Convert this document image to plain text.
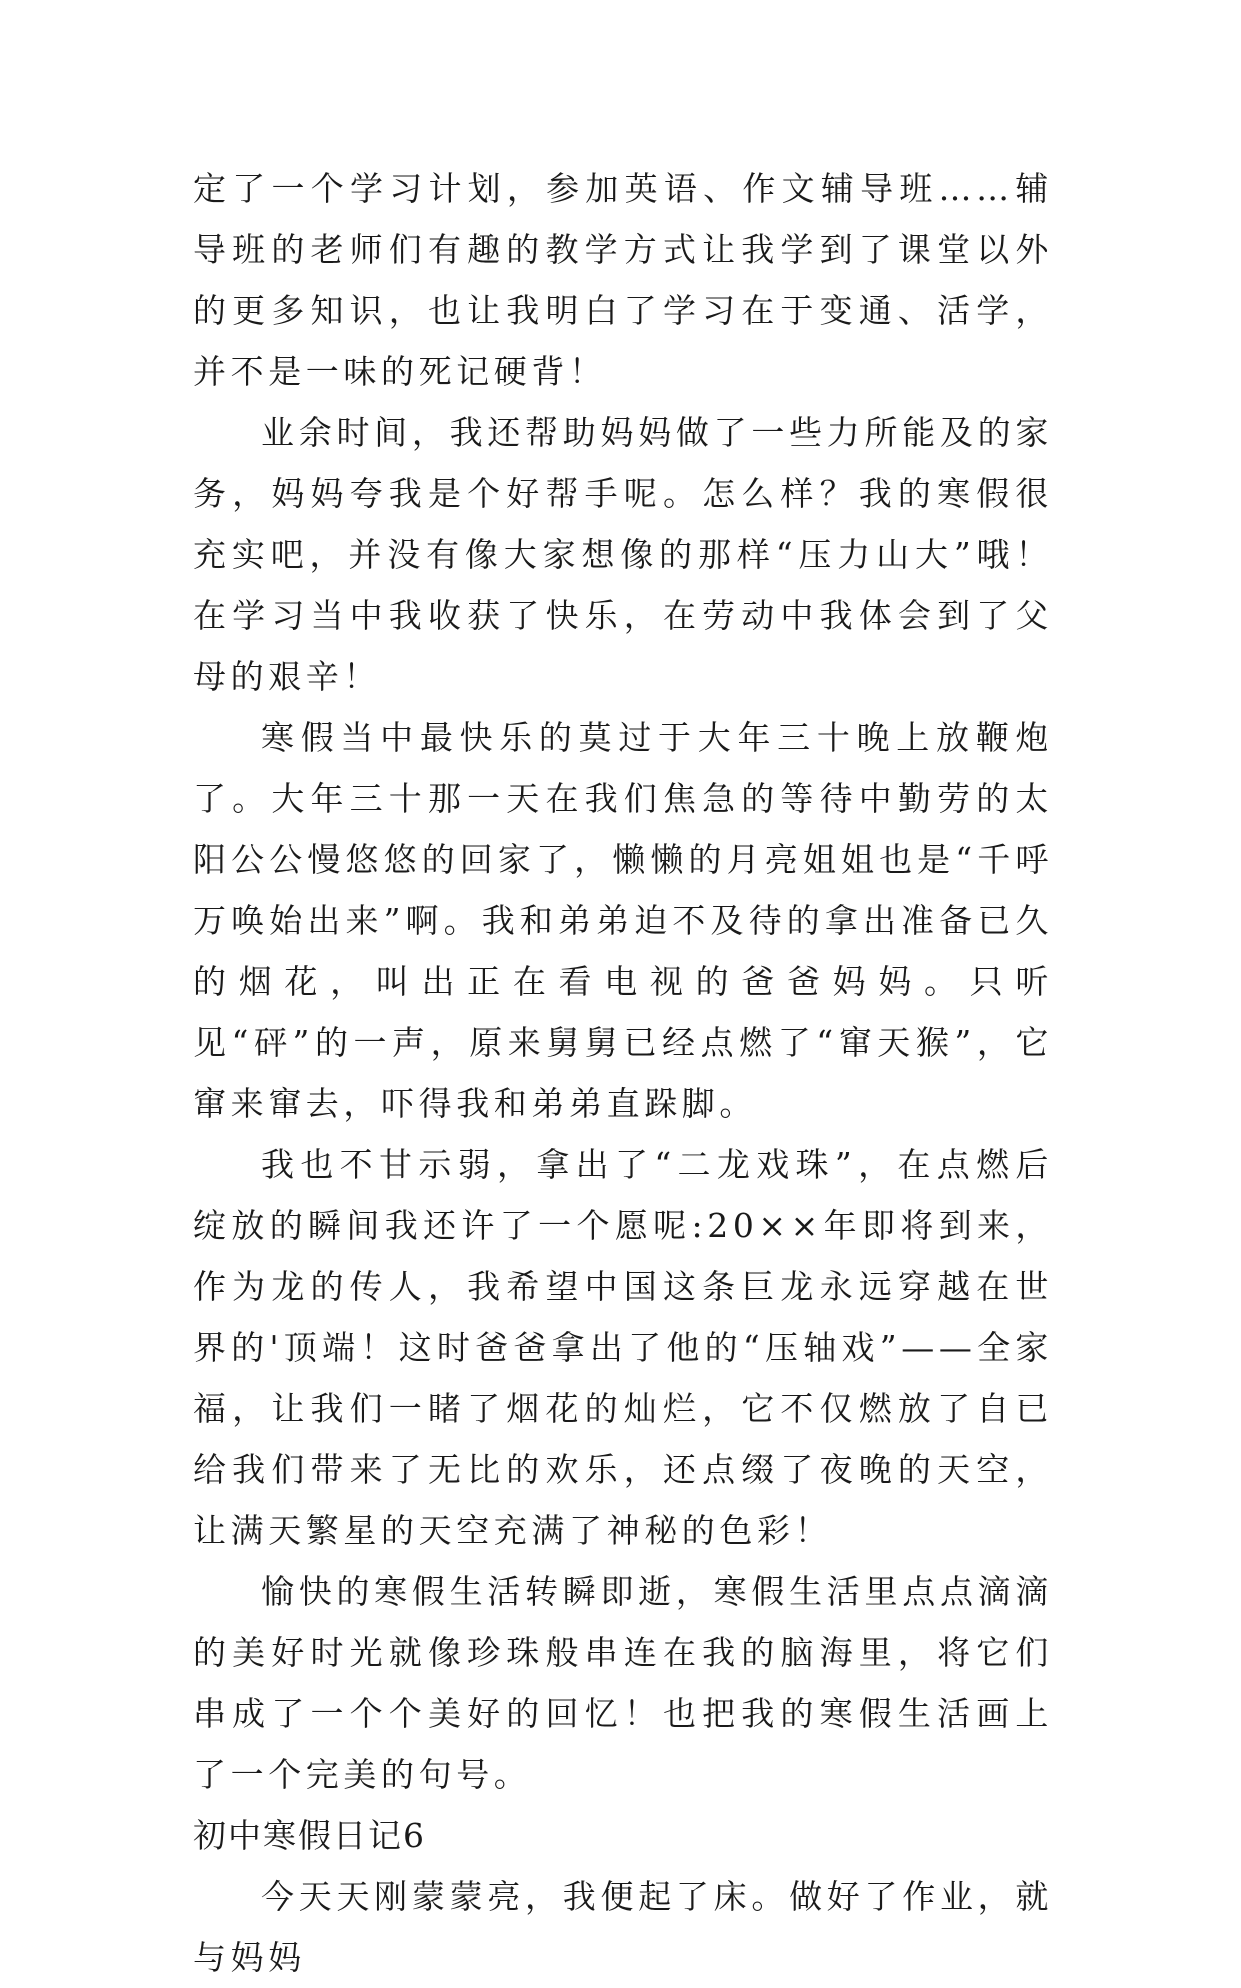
定了一个学习计划，参加英语、作文辅导班……辅导班的老师们有趣的教学方式让我学到了课堂以外的更多知识，也让我明白了学习在于变通、活学，并不是一味的死记硬背！

业余时间，我还帮助妈妈做了一些力所能及的家务，妈妈夸我是个好帮手呢。怎么样？我的寒假很充实吧，并没有像大家想像的那样“压力山大”哦！在学习当中我收获了快乐，在劳动中我体会到了父母的艰辛！

寒假当中最快乐的莫过于大年三十晚上放鞭炮了。大年三十那一天在我们焦急的等待中勤劳的太阳公公慢悠悠的回家了，懒懒的月亮姐姐也是“千呼万唤始出来”啊。我和弟弟迫不及待的拿出准备已久的烟花，叫出正在看电视的爸爸妈妈。只听见“砰”的一声，原来舅舅已经点燃了“窜天猴”，它窜来窜去，吓得我和弟弟直跺脚。

我也不甘示弱，拿出了“二龙戏珠”，在点燃后绽放的瞬间我还许了一个愿呢:20××年即将到来，作为龙的传人，我希望中国这条巨龙永远穿越在世界的'顶端！这时爸爸拿出了他的“压轴戏”——全家福，让我们一睹了烟花的灿烂，它不仅燃放了自已给我们带来了无比的欢乐，还点缀了夜晚的天空，让满天繁星的天空充满了神秘的色彩！

愉快的寒假生活转瞬即逝，寒假生活里点点滴滴的美好时光就像珍珠般串连在我的脑海里，将它们串成了一个个美好的回忆！也把我的寒假生活画上了一个完美的句号。

初中寒假日记6

今天天刚蒙蒙亮，我便起了床。做好了作业，就与妈妈
